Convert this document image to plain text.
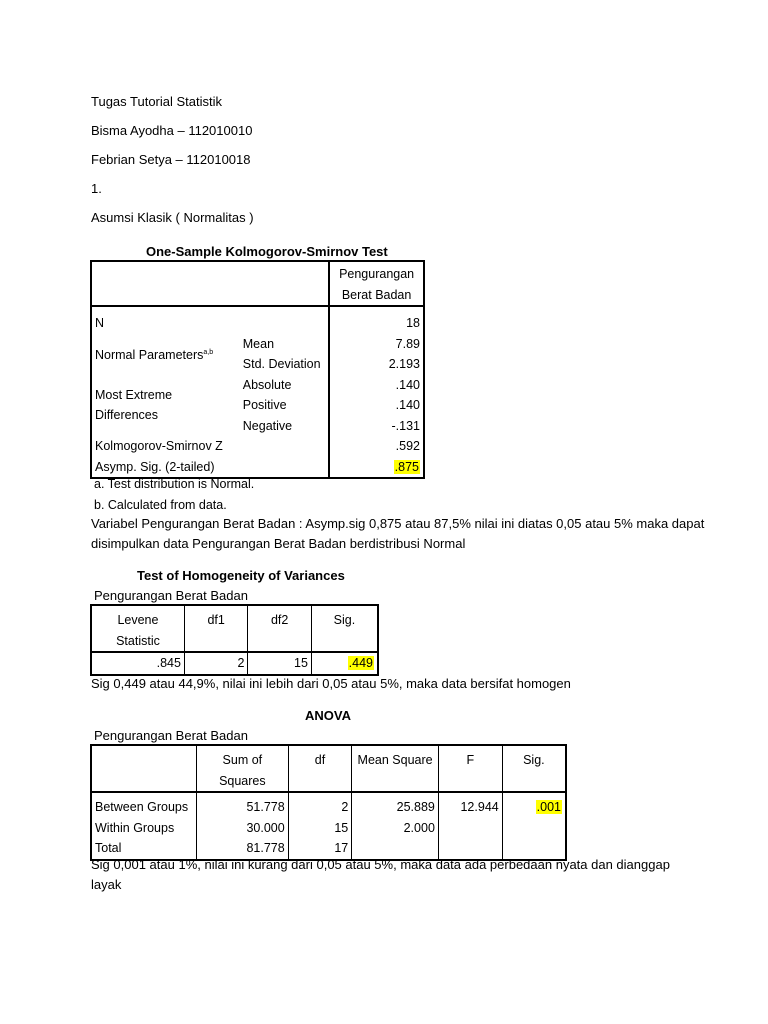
Tugas Tutorial Statistik
Bisma Ayodha – 112010010
Febrian Setya – 112010018
1.
Asumsi Klasik ( Normalitas )
One-Sample Kolmogorov-Smirnov Test

		Pengurangan
Berat Badan

N		18
Normal Parameters$^{a,b}$	Mean	7.89
	Std. Deviation	2.193

Most Extreme
Differences	Absolute	.140
	Positive	.140
	Negative	-.131
Kolmogorov-Smirnov Z		.592
Asymp. Sig. (2-tailed)		.875
a. Test distribution is Normal.
b. Calculated from data.
Variabel Pengurangan Berat Badan : Asymp.sig 0,875 atau 87,5% nilai ini diatas 0,05 atau 5% maka dapat
disimpulkan data Pengurangan Berat Badan berdistribusi Normal
Test of Homogeneity of Variances
Pengurangan Berat Badan
Levene
Statistic	df1	df2	Sig.
.845	2	15	.449
Sig 0,449 atau 44,9%, nilai ini lebih dari 0,05 atau 5%, maka data bersifat homogen
ANOVA
Pengurangan Berat Badan

	Sum of
Squares	df	Mean Square	F	Sig.
Between Groups	51.778	2	25.889	12.944	.001
Within Groups	30.000	15	2.000		
Total	81.778	17			
Sig 0,001 atau 1%, nilai ini kurang dari 0,05 atau 5%, maka data ada perbedaan nyata dan dianggap
layak
